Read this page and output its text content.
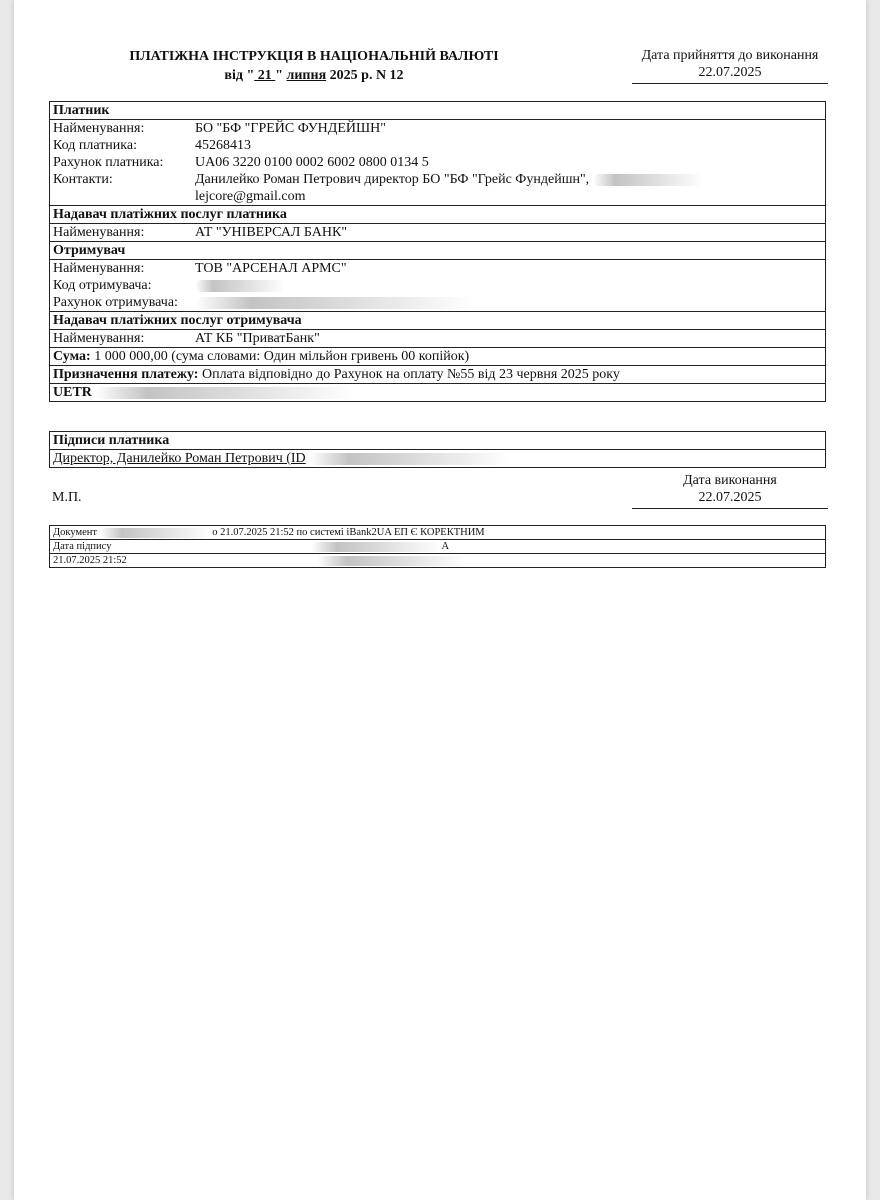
ПЛАТІЖНА ІНСТРУКЦІЯ В НАЦІОНАЛЬНІЙ ВАЛЮТІ
від " 21 " липня 2025 р. N 12
Дата прийняття до виконання
22.07.2025
Платник
Найменування:	БО "БФ "ГРЕЙС ФУНДЕЙШН"
Код платника:	45268413
Рахунок платника: UA06 3220 0100 0002 6002 0800 0134 5
Контакти:	Данилейко Роман Петрович директор БО "БФ "Грейс Фундейшн",
lejcore@gmail.com
Надавач платіжних послуг платника
Найменування:	АТ "УНІВЕРСАЛ БАНК"
Отримувач
Найменування:	ТОВ "АРСЕНАЛ АРМС"
Код отримувача:
Рахунок отримувача:
Надавач платіжних послуг отримувача
Найменування:	АТ КБ "ПриватБанк"
Сума: 1 000 000,00 (сума словами: Один мільйон гривень 00 копійок)
Призначення платежу: Оплата відповідно до Рахунок на оплату №55 від 23 червня 2025 року
UETR
Підписи платника
Директор, Данилейко Роман Петрович (ID
М.П.
Дата виконання
22.07.2025
Документ	о 21.07.2025 21:52 по системі iBank2UA ЕП Є КОРЕКТНИМ
Дата підпису	А
21.07.2025 21:52
